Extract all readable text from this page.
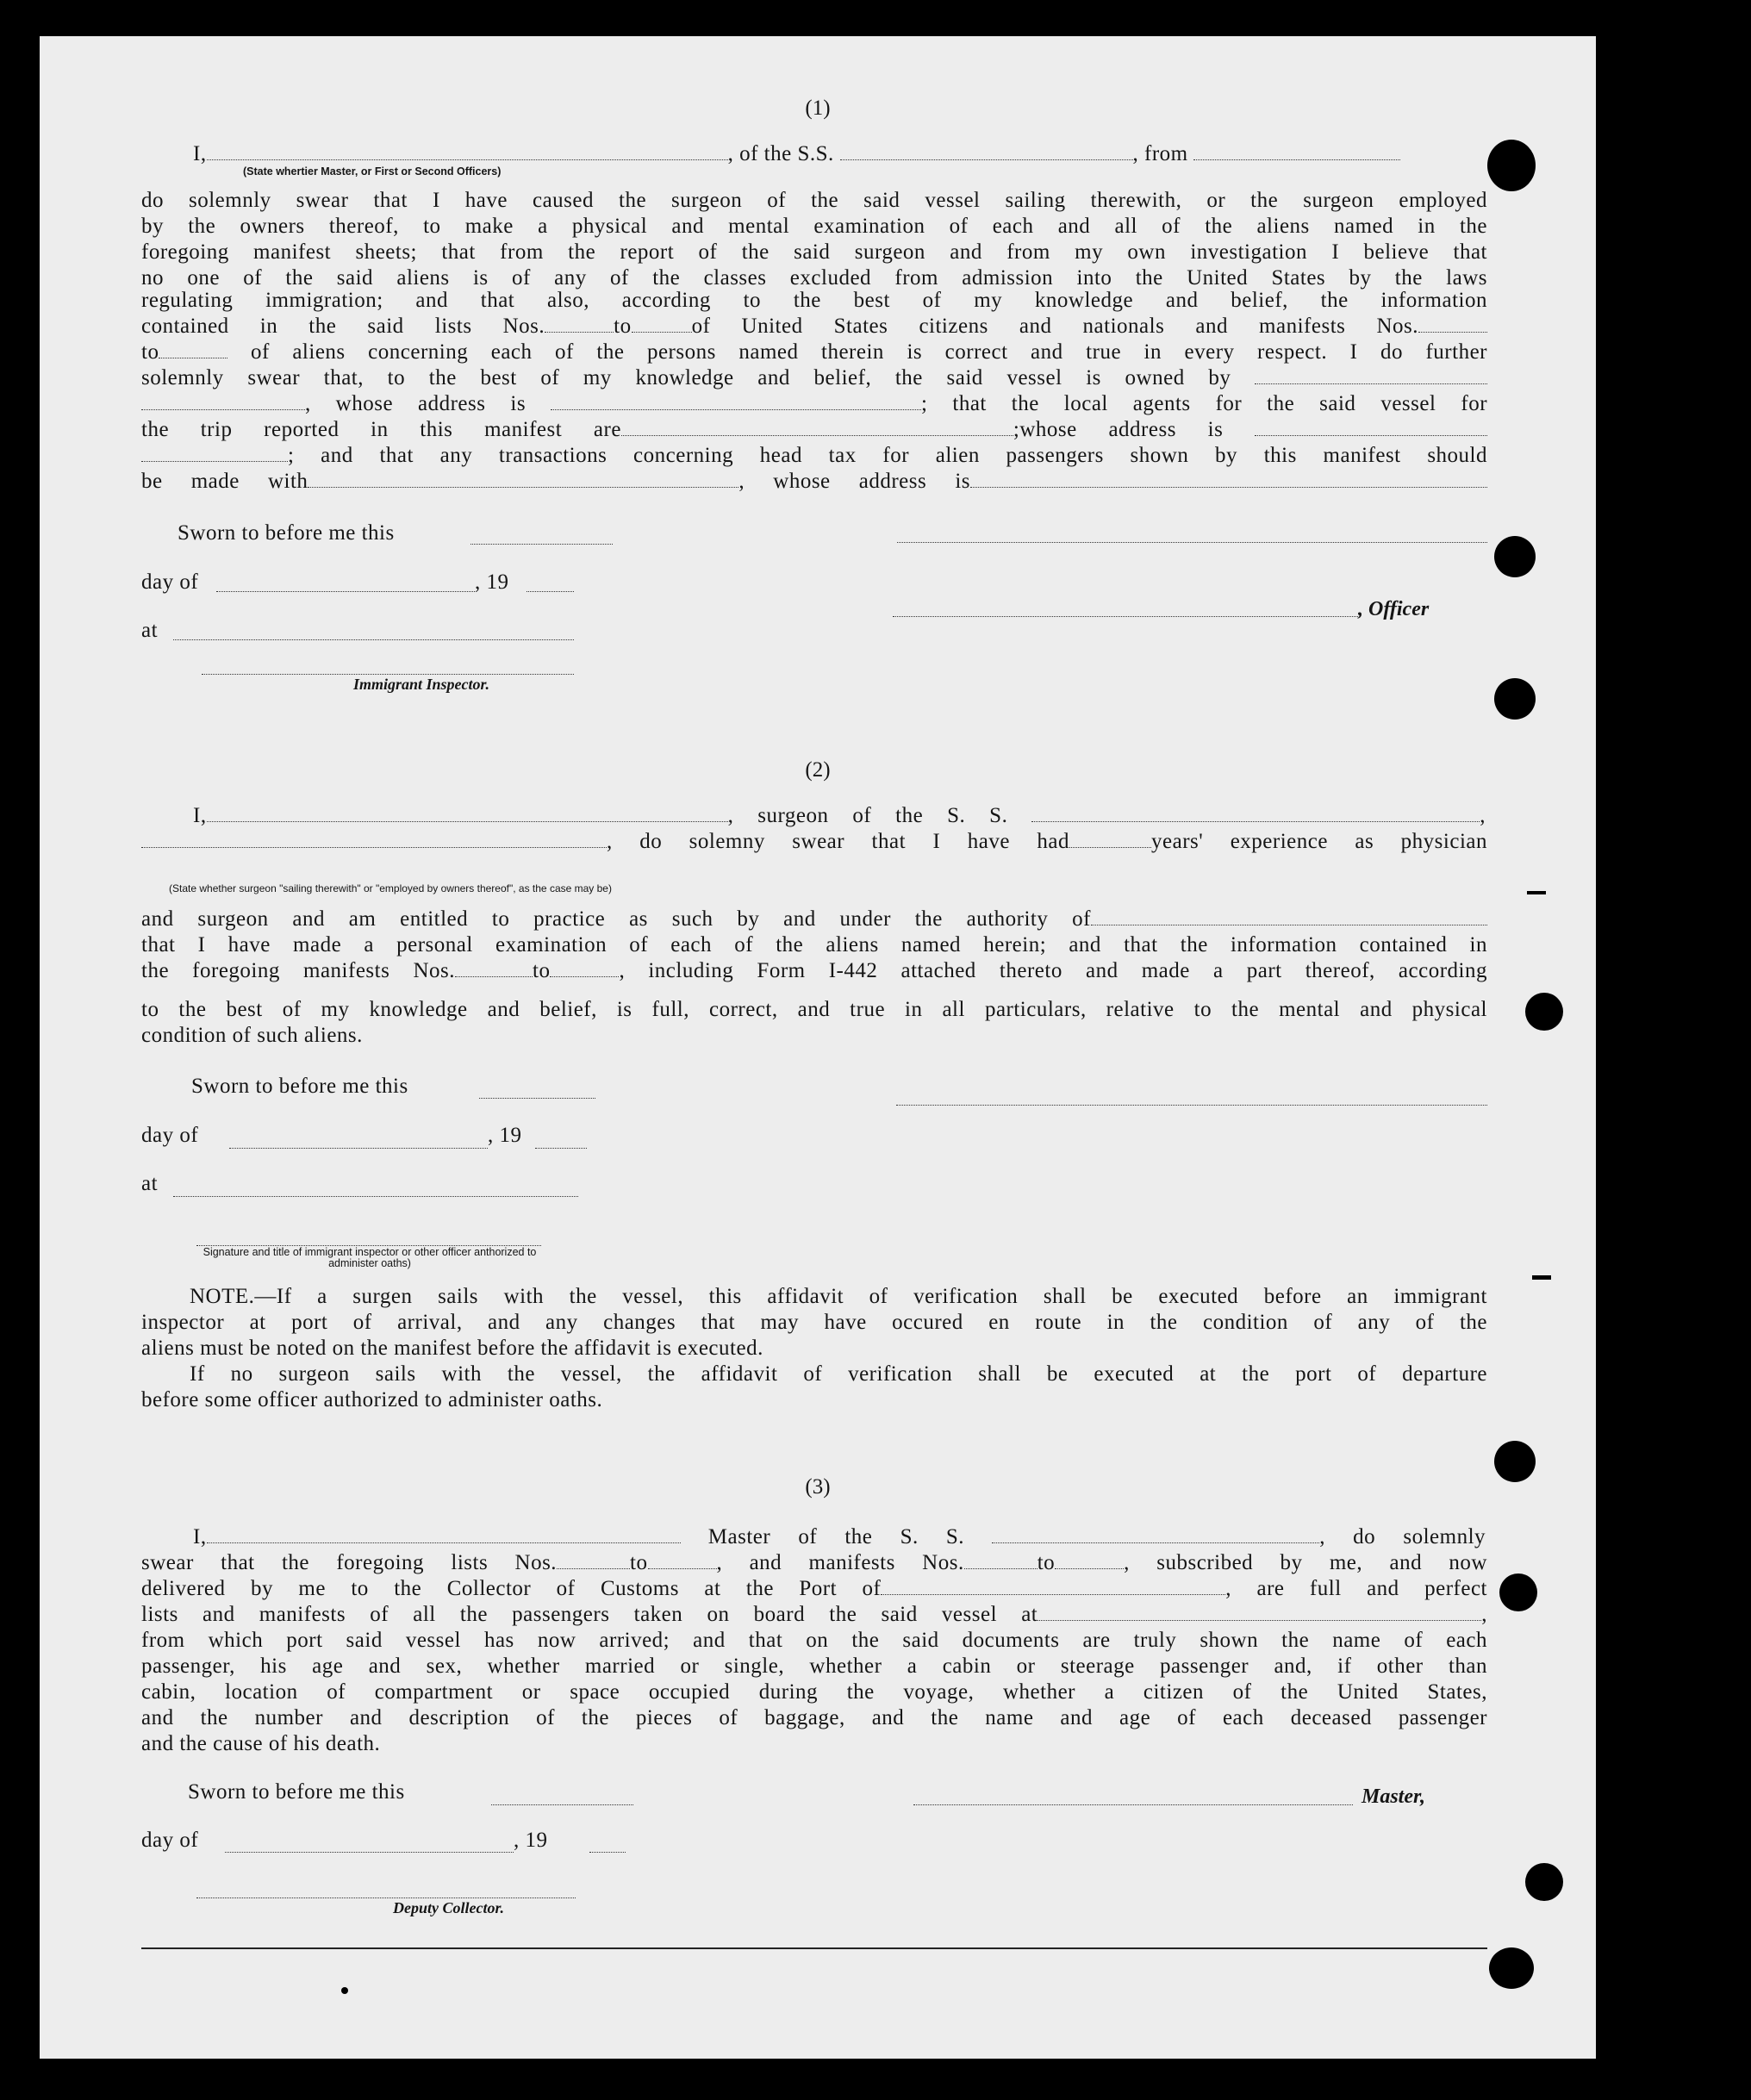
(1)
I,	, of the S.S.	, from
(State whertier Master, or First or Second Officers)
do solemnly swear that I have caused the surgeon of the said vessel sailing therewith, or the surgeon employed
by the owners thereof, to make a physical and mental examination of each and all of the aliens named in the
foregoing manifest sheets; that from the report of the said surgeon and from my own investigation I believe that
no one of the said aliens is of any of the classes excluded from admission into the United States by the laws
regulating immigration; and that also, according to the best of my knowledge and belief, the information
contained in the said lists Nos.	to	of United States citizens and nationals and manifests Nos.
to	of aliens concerning each of the persons named therein is correct and true in every respect. I do further
solemnly swear that, to the best of my knowledge and belief, the said vessel is owned by
, whose address is	; that the local agents for the said vessel for
the trip reported in this manifest are	;whose address is
; and that any transactions concerning head tax for alien passengers shown by this manifest should
be made with	, whose address is
Sworn to before me this
day of	, 19
, Officer
at
Immigrant Inspector.
(2)
I,	, surgeon of the S. S.	,
, do solemny swear that I have had	years' experience as physician
(State whether surgeon "sailing therewith" or "employed by owners thereof", as the case may be)
and surgeon and am entitled to practice as such by and under the authority of
that I have made a personal examination of each of the aliens named herein; and that the information contained in
the foregoing manifests Nos.	to	, including Form I-442 attached thereto and made a part thereof, according
to the best of my knowledge and belief, is full, correct, and true in all particulars, relative to the mental and physical
condition of such aliens.
Sworn to before me this
day of	, 19
at
Signature and title of immigrant inspector or other officer anthorized to administer oaths)
NOTE.—If a surgen sails with the vessel, this affidavit of verification shall be executed before an immigrant
inspector at port of arrival, and any changes that may have occured en route in the condition of any of the
aliens must be noted on the manifest before the affidavit is executed.
If no surgeon sails with the vessel, the affidavit of verification shall be executed at the port of departure
before some officer authorized to administer oaths.
(3)
I,	Master of the S. S.	, do solemnly
swear that the foregoing lists Nos.	to	, and manifests Nos.	to	, subscribed by me, and now
delivered by me to the Collector of Customs at the Port of	, are full and perfect
lists and manifests of all the passengers taken on board the said vessel at	,
from which port said vessel has now arrived; and that on the said documents are truly shown the name of each
passenger, his age and sex, whether married or single, whether a cabin or steerage passenger and, if other than
cabin, location of compartment or space occupied during the voyage, whether a citizen of the United States,
and the number and description of the pieces of baggage, and the name and age of each deceased passenger
and the cause of his death.
Sworn to before me this	Master,
day of	, 19
Deputy Collector.
